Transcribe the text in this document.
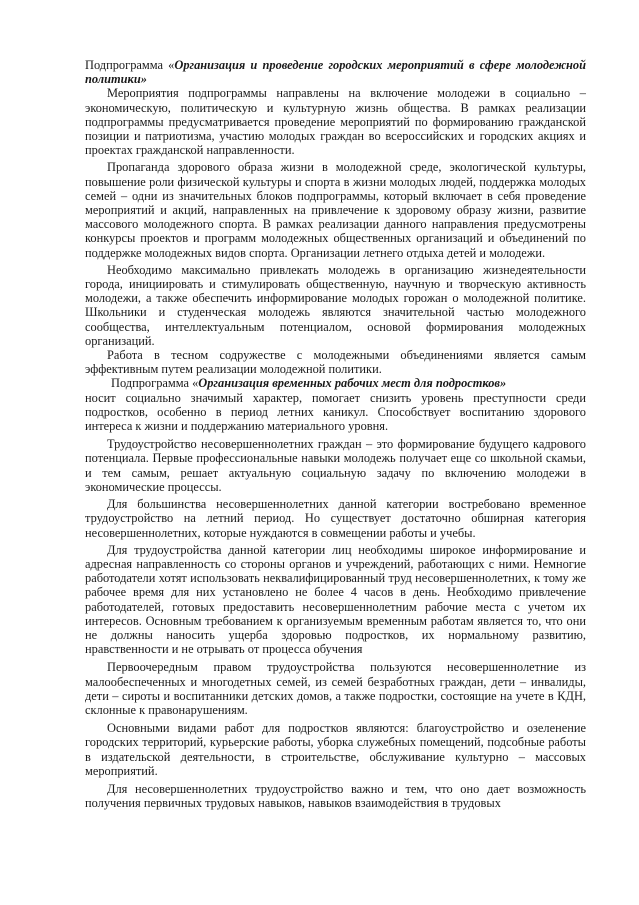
Подпрограмма «Организация и проведение городских мероприятий в сфере молодежной политики»

Мероприятия подпрограммы направлены на включение молодежи в социально – экономическую, политическую и культурную жизнь общества. В рамках реализации подпрограммы предусматривается проведение мероприятий по формированию гражданской позиции и патриотизма, участию молодых граждан во всероссийских и городских акциях и проектах гражданской направленности.

Пропаганда здорового образа жизни в молодежной среде, экологической культуры, повышение роли физической культуры и спорта в жизни молодых людей, поддержка молодых семей – одни из значительных блоков подпрограммы, который включает в себя проведение мероприятий и акций, направленных на привлечение к здоровому образу жизни, развитие массового молодежного спорта. В рамках реализации данного направления предусмотрены конкурсы проектов и программ молодежных общественных организаций и объединений по поддержке молодежных видов спорта. Организации летнего отдыха детей и молодежи.

Необходимо максимально привлекать молодежь в организацию жизнедеятельности города, инициировать и стимулировать общественную, научную и творческую активность молодежи, а также обеспечить информирование молодых горожан о молодежной политике. Школьники и студенческая молодежь являются значительной частью молодежного сообщества, интеллектуальным потенциалом, основой формирования молодежных организаций.

Работа в тесном содружестве с молодежными объединениями является самым эффективным путем реализации молодежной политики.

Подпрограмма «Организация временных рабочих мест для подростков»

носит социально значимый характер, помогает снизить уровень преступности среди подростков, особенно в период летних каникул. Способствует воспитанию здорового интереса к жизни и поддержанию материального уровня.

Трудоустройство несовершеннолетних граждан – это формирование будущего кадрового потенциала. Первые профессиональные навыки молодежь получает еще со школьной скамьи, и тем самым, решает актуальную социальную задачу по включению молодежи в экономические процессы.

Для большинства несовершеннолетних данной категории востребовано временное трудоустройство на летний период. Но существует достаточно обширная категория несовершеннолетних, которые нуждаются в совмещении работы и учебы.

Для трудоустройства данной категории лиц необходимы широкое информирование и адресная направленность со стороны органов и учреждений, работающих с ними. Немногие работодатели хотят использовать неквалифицированный труд несовершеннолетних, к тому же рабочее время для них установлено не более 4 часов в день. Необходимо привлечение работодателей, готовых предоставить несовершеннолетним рабочие места с учетом их интересов. Основным требованием к организуемым временным работам является то, что они не должны наносить ущерба здоровью подростков, их нормальному развитию, нравственности и не отрывать от процесса обучения

Первоочередным правом трудоустройства пользуются несовершеннолетние из малообеспеченных и многодетных семей, из семей безработных граждан, дети – инвалиды, дети – сироты и воспитанники детских домов, а также подростки, состоящие на учете в КДН, склонные к правонарушениям.

Основными видами работ для подростков являются: благоустройство и озеленение городских территорий, курьерские работы, уборка служебных помещений, подсобные работы в издательской деятельности, в строительстве, обслуживание культурно – массовых мероприятий.

Для несовершеннолетних трудоустройство важно и тем, что оно дает возможность получения первичных трудовых навыков, навыков взаимодействия в трудовых
